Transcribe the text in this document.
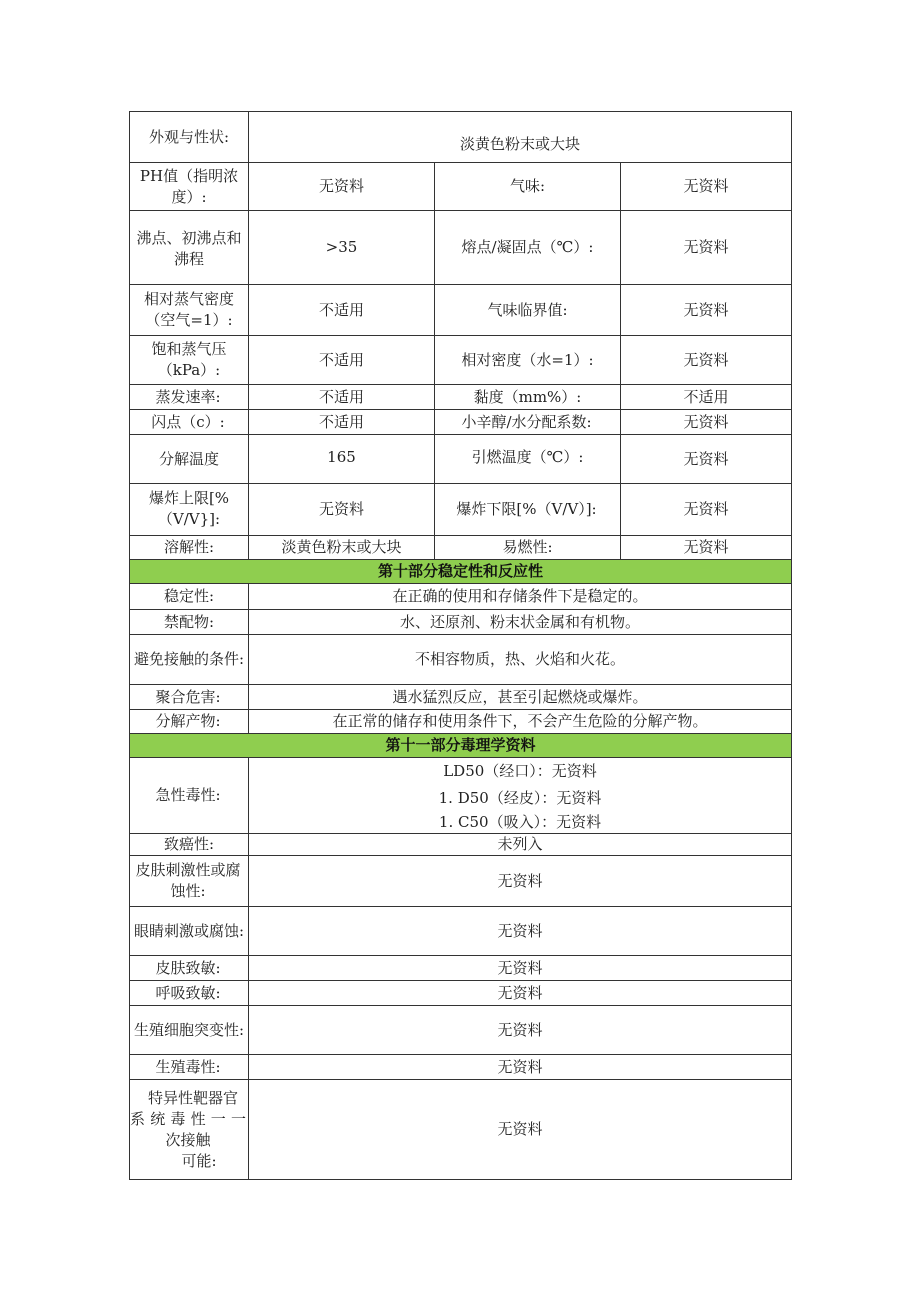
外观与性状:	淡黄色粉末或大块		
PH值（指明浓度）:	无资料	气味:	无资料
沸点、初沸点和沸程	>35	熔点/凝固点（℃）:	无资料
相对蒸气密度（空气=1）:	不适用	气味临界值:	无资料
饱和蒸气压（kPa）:	不适用	相对密度（水=1）:	无资料
蒸发速率:	不适用	黏度（mm%）:	不适用
闪点（c）:	不适用	小辛醇/水分配系数:	无资料
分解温度	165	引燃温度（℃）:	无资料
爆炸上限[%（V/V}]:	无资料	爆炸下限[%（V/V）]:	无资料
溶解性:	淡黄色粉末或大块	易燃性:	无资料
第十部分稳定性和反应性			
稳定性:	在正确的使用和存储条件下是稳定的。		
禁配物:	水、还原剂、粉末状金属和有机物。		
避免接触的条件:	不相容物质，热、火焰和火花。		
聚合危害:	遇水猛烈反应，甚至引起燃烧或爆炸。		
分解产物:	在正常的储存和使用条件下，不会产生危险的分解产物。		
第十一部分毒理学资料			
急性毒性:	LD50（经口）：无资料
1. D50（经皮）：无资料
1. C50（吸入）：无资料		

致癌性:	未列入		
皮肤刺激性或腐蚀性:	无资料		
眼睛刺激或腐蚀:	无资料		
皮肤致敏:	无资料		
呼吸致敏:	无资料		
生殖细胞突变性:	无资料		
生殖毒性:	无资料		

特异性靶器官
系统毒性一一
次接触
可能:	无资料		
